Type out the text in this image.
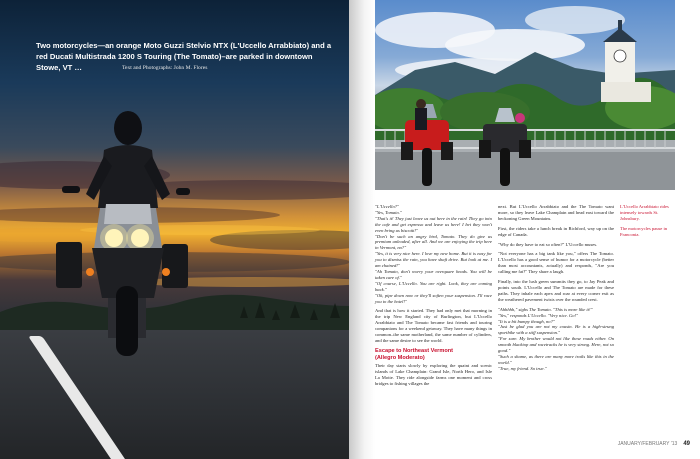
Two motorcycles—an orange Moto Guzzi Stelvio NTX (L'Uccello Arrabbiato) and a red Ducati Multistrada 1200 S Touring (The Tomato)–are parked in downtown Stowe, VT …	Text and Photographs: John M. Flores

"L'Uccello?"

"Yes, Tomato."

"That's it! They just leave us out here in the rain! They go into the cafe and get espresso and leave us here! I bet they won't even bring us biscotti!"

"Don't be such an angry bird, Tomato. They do give us premium unleaded, after all. And we are enjoying the trip here in Vermont, no?"

"Yes, it is very nice here. I love my new home. But it is easy for you to dismiss the rain, you have shaft drive. But look at me. I am chained!"

"Ah Tomato, don't worry your overquare heads. You will be taken care of."

"Of course, L'Uccello. You are right. Look, they are coming back."

"Ok, pipe down now or they'll soften your suspension. I'll race you to the hotel!"

And that is how it started. They had only met that morning in the trip New England city of Burlington, but L'Uccello Arrabbiato and The Tomato became fast friends and touring companions for a weekend getaway. They have many things in common–the same motherland, the same number of cylinders, and the same desire to see the world.

Escape to Northeast Vermont

(Allegro Moderato)

Their day starts slowly by exploring the quaint and scenic islands of Lake Champlain: Grand Isle, North Hero, and Isle La Motte. They ride alongside farms one moment and cross bridges to fishing villages the

next. But L'Uccello Arrabbiato and the The Tomato want more, so they leave Lake Champlain and head east toward the beckoning Green Mountains.

First, the riders take a lunch break in Richford, way up on the edge of Canada.

"Why do they have to eat so often?" L'Uccello muses.

"Not everyone has a big tank like you," offers The Tomato. L'Uccello has a good sense of humor for a motorcycle (better than most accountants, actually) and responds, "Are you calling me fat?" They share a laugh.

Finally, into the lush green summits they go, to Jay Peak and points south. L'Uccello and The Tomato are made for these paths. They inhale each apex and roar at every corner exit as the weathered pavement twists over the rounded crest.

"Ahhhhh," sighs The Tomato. "This is more like it!"

"Yes," responds L'Uccello. "Very nice. Go!"

"It is a bit bumpy though, no?"

"Just be glad you are not my cousin. He is a high-strung sportbike with a stiff suspension."

"For sure. My brother would not like these roads either. On smooth blacktop and racetracks he is very strong. Here, not so good."

"Such a shame, as there are many more trails like this in the world."

"True, my friend. So true."

L'Uccello Arrabbiato rides intensely towards St. Johnsbury.

The motorcycles pause in Franconia.

JANUARY/FEBRUARY '13 49
